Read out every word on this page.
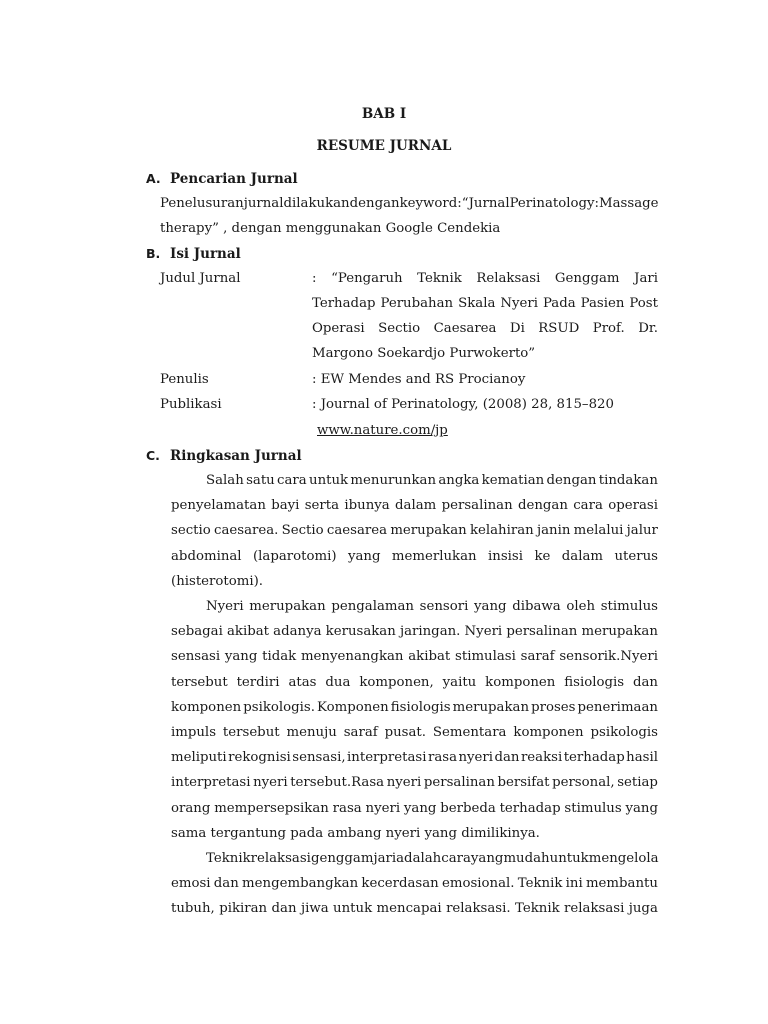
BAB I
RESUME JURNAL
A. Pencarian Jurnal
Penelusuran jurnal dilakukan dengan keyword: “ Jurnal Perinatology : Massage
therapy” , dengan menggunakan Google Cendekia
B. Isi Jurnal
Judul Jurnal	: “Pengaruh Teknik Relaksasi Genggam Jari
Terhadap Perubahan Skala Nyeri Pada Pasien Post
Operasi Sectio Caesarea Di RSUD Prof. Dr.
Margono Soekardjo Purwokerto”
Penulis	: EW Mendes and RS Procianoy
Publikasi	: Journal of Perinatology, (2008) 28, 815–820
www.nature.com/jp
C. Ringkasan Jurnal
Salah satu cara untuk menurunkan angka kematian dengan tindakan
penyelamatan bayi serta ibunya dalam persalinan dengan cara operasi
sectio caesarea. Sectio caesarea merupakan kelahiran janin melalui jalur
abdominal (laparotomi) yang memerlukan insisi ke dalam uterus
(histerotomi).
Nyeri merupakan pengalaman sensori yang dibawa oleh stimulus
sebagai akibat adanya kerusakan jaringan. Nyeri persalinan merupakan
sensasi yang tidak menyenangkan akibat stimulasi saraf sensorik.Nyeri
tersebut terdiri atas dua komponen, yaitu komponen fisiologis dan
komponen psikologis. Komponen fisiologis merupakan proses penerimaan
impuls tersebut menuju saraf pusat. Sementara komponen psikologis
meliputi rekognisi sensasi, interpretasi rasa nyeri dan reaksi terhadap hasil
interpretasi nyeri tersebut.Rasa nyeri persalinan bersifat personal, setiap
orang mempersepsikan rasa nyeri yang berbeda terhadap stimulus yang
sama tergantung pada ambang nyeri yang dimilikinya.
Teknik relaksasi genggam jari adalah cara yang mudah untuk mengelola
emosi dan mengembangkan kecerdasan emosional. Teknik ini membantu
tubuh, pikiran dan jiwa untuk mencapai relaksasi. Teknik relaksasi juga
